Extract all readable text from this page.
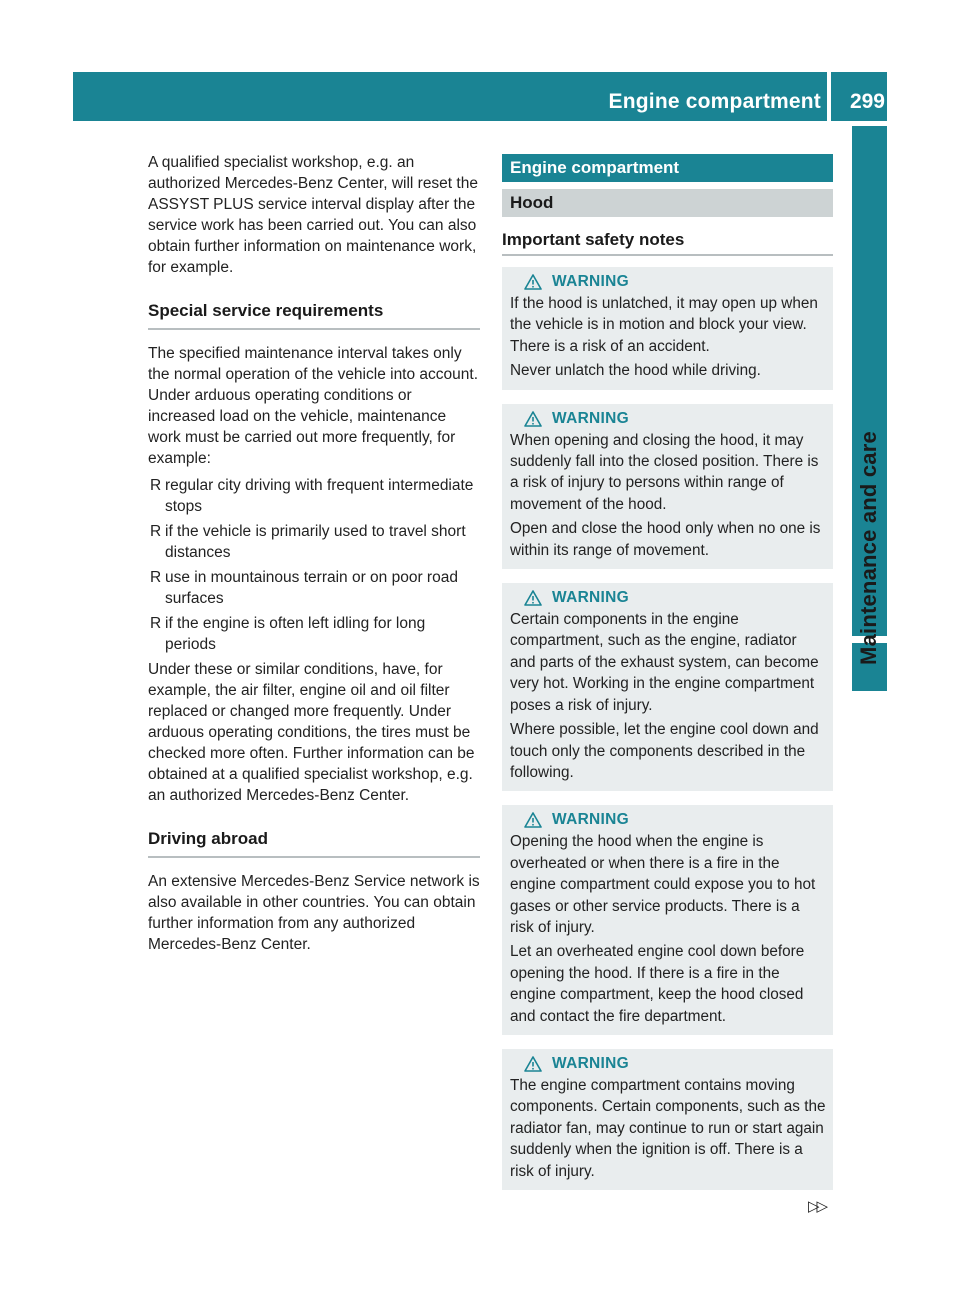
Engine compartment 299
Maintenance and care

A qualified specialist workshop, e.g. an authorized Mercedes-Benz Center, will reset the ASSYST PLUS service interval display after the service work has been carried out. You can also obtain further information on maintenance work, for example.

Special service requirements

The specified maintenance interval takes only the normal operation of the vehicle into account. Under arduous operating conditions or increased load on the vehicle, maintenance work must be carried out more frequently, for example:

R regular city driving with frequent intermediate stops
R if the vehicle is primarily used to travel short distances
R use in mountainous terrain or on poor road surfaces
R if the engine is often left idling for long periods

Under these or similar conditions, have, for example, the air filter, engine oil and oil filter replaced or changed more frequently. Under arduous operating conditions, the tires must be checked more often. Further information can be obtained at a qualified specialist workshop, e.g. an authorized Mercedes-Benz Center.

Driving abroad

An extensive Mercedes-Benz Service network is also available in other countries. You can obtain further information from any authorized Mercedes-Benz Center.

Engine compartment
Hood
Important safety notes
WARNING

If the hood is unlatched, it may open up when the vehicle is in motion and block your view. There is a risk of an accident.

Never unlatch the hood while driving.

WARNING

When opening and closing the hood, it may suddenly fall into the closed position. There is a risk of injury to persons within range of movement of the hood.

Open and close the hood only when no one is within its range of movement.

WARNING

Certain components in the engine compartment, such as the engine, radiator and parts of the exhaust system, can become very hot. Working in the engine compartment poses a risk of injury.

Where possible, let the engine cool down and touch only the components described in the following.

WARNING

Opening the hood when the engine is overheated or when there is a fire in the engine compartment could expose you to hot gases or other service products. There is a risk of injury.

Let an overheated engine cool down before opening the hood. If there is a fire in the engine compartment, keep the hood closed and contact the fire department.

WARNING

The engine compartment contains moving components. Certain components, such as the radiator fan, may continue to run or start again suddenly when the ignition is off. There is a risk of injury.

▷▷
